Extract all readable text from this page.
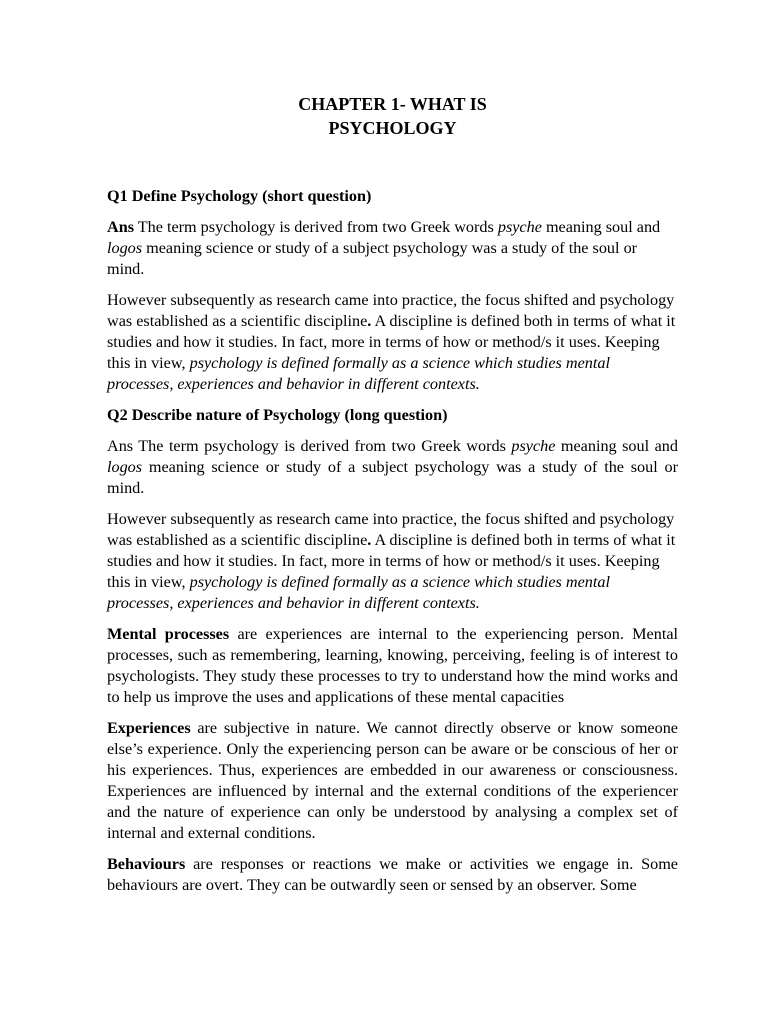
CHAPTER 1- WHAT IS
PSYCHOLOGY
Q1 Define Psychology (short question)

Ans The term psychology is derived from two Greek words psyche meaning soul and logos meaning science or study of a subject psychology was a study of the soul or mind.

However subsequently as research came into practice, the focus shifted and psychology was established as a scientific discipline. A discipline is defined both in terms of what it studies and how it studies. In fact, more in terms of how or method/s it uses. Keeping this in view, psychology is defined formally as a science which studies mental processes, experiences and behavior in different contexts.

Q2 Describe nature of Psychology (long question)

Ans The term psychology is derived from two Greek words psyche meaning soul and logos meaning science or study of a subject psychology was a study of the soul or mind.

However subsequently as research came into practice, the focus shifted and psychology was established as a scientific discipline. A discipline is defined both in terms of what it studies and how it studies. In fact, more in terms of how or method/s it uses. Keeping this in view, psychology is defined formally as a science which studies mental processes, experiences and behavior in different contexts.

Mental processes are experiences are internal to the experiencing person. Mental processes, such as remembering, learning, knowing, perceiving, feeling is of interest to psychologists. They study these processes to try to understand how the mind works and to help us improve the uses and applications of these mental capacities

Experiences are subjective in nature. We cannot directly observe or know someone else’s experience. Only the experiencing person can be aware or be conscious of her or his experiences. Thus, experiences are embedded in our awareness or consciousness. Experiences are influenced by internal and the external conditions of the experiencer and the nature of experience can only be understood by analysing a complex set of internal and external conditions.

Behaviours are responses or reactions we make or activities we engage in. Some behaviours are overt. They can be outwardly seen or sensed by an observer. Some
